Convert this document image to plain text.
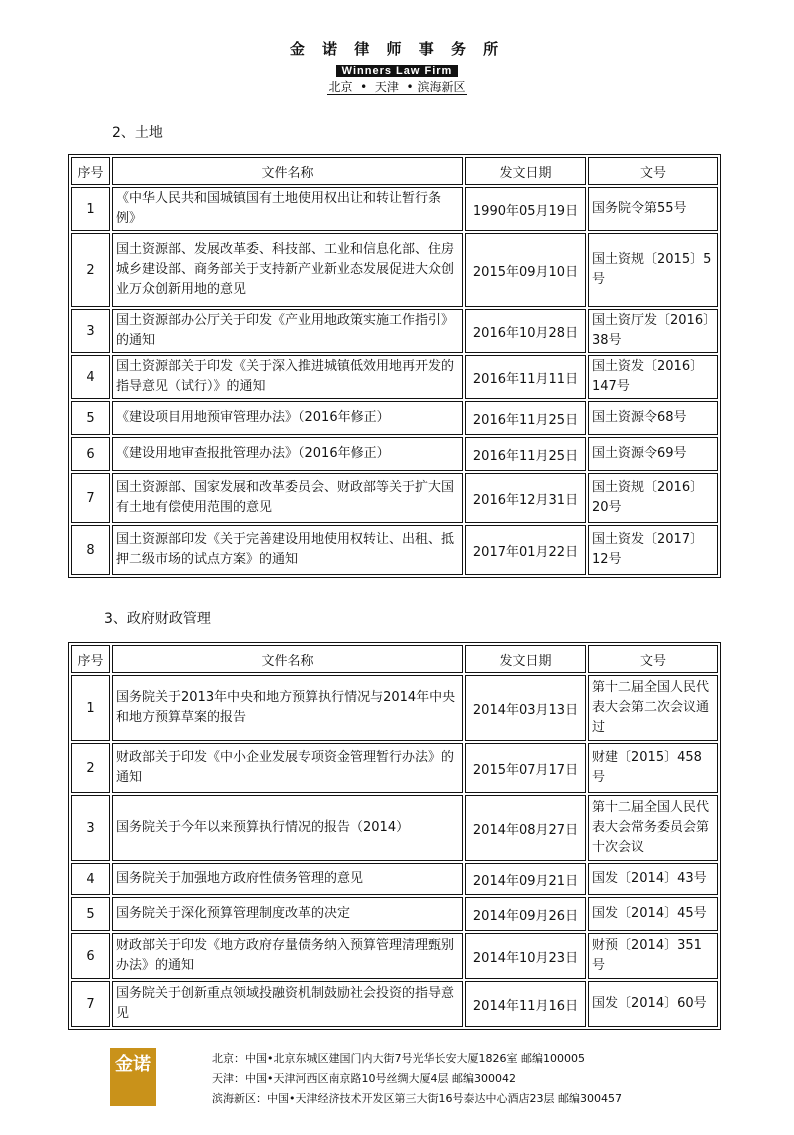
金 诺 律 师 事 务 所
Winners Law Firm
北京 • 天津 • 滨海新区
2、土地
序号	文件名称	发文日期	文号
1	《中华人民共和国城镇国有土地使用权出让和转让暂行条例》	1990年05月19日	国务院令第55号
2	国土资源部、发展改革委、科技部、工业和信息化部、住房城乡建设部、商务部关于支持新产业新业态发展促进大众创业万众创新用地的意见	2015年09月10日	国土资规〔2015〕5号
3	国土资源部办公厅关于印发《产业用地政策实施工作指引》的通知	2016年10月28日	国土资厅发〔2016〕38号
4	国土资源部关于印发《关于深入推进城镇低效用地再开发的指导意见（试行）》的通知	2016年11月11日	国土资发〔2016〕147号
5	《建设项目用地预审管理办法》（2016年修正）	2016年11月25日	国土资源令68号
6	《建设用地审查报批管理办法》（2016年修正）	2016年11月25日	国土资源令69号
7	国土资源部、国家发展和改革委员会、财政部等关于扩大国有土地有偿使用范围的意见	2016年12月31日	国土资规〔2016〕20号
8	国土资源部印发《关于完善建设用地使用权转让、出租、抵押二级市场的试点方案》的通知	2017年01月22日	国土资发〔2017〕12号
3、政府财政管理
序号	文件名称	发文日期	文号
1	国务院关于2013年中央和地方预算执行情况与2014年中央和地方预算草案的报告	2014年03月13日	第十二届全国人民代表大会第二次会议通过
2	财政部关于印发《中小企业发展专项资金管理暂行办法》的通知	2015年07月17日	财建〔2015〕458号
3	国务院关于今年以来预算执行情况的报告（2014）	2014年08月27日	第十二届全国人民代表大会常务委员会第十次会议
4	国务院关于加强地方政府性债务管理的意见	2014年09月21日	国发〔2014〕43号
5	国务院关于深化预算管理制度改革的决定	2014年09月26日	国发〔2014〕45号
6	财政部关于印发《地方政府存量债务纳入预算管理清理甄别办法》的通知	2014年10月23日	财预〔2014〕351号
7	国务院关于创新重点领域投融资机制鼓励社会投资的指导意见	2014年11月16日	国发〔2014〕60号
金诺	北京：中国•北京东城区建国门内大街7号光华长安大厦1826室 邮编100005
天津：中国•天津河西区南京路10号丝绸大厦4层 邮编300042
滨海新区：中国•天津经济技术开发区第三大街16号泰达中心酒店23层 邮编300457
